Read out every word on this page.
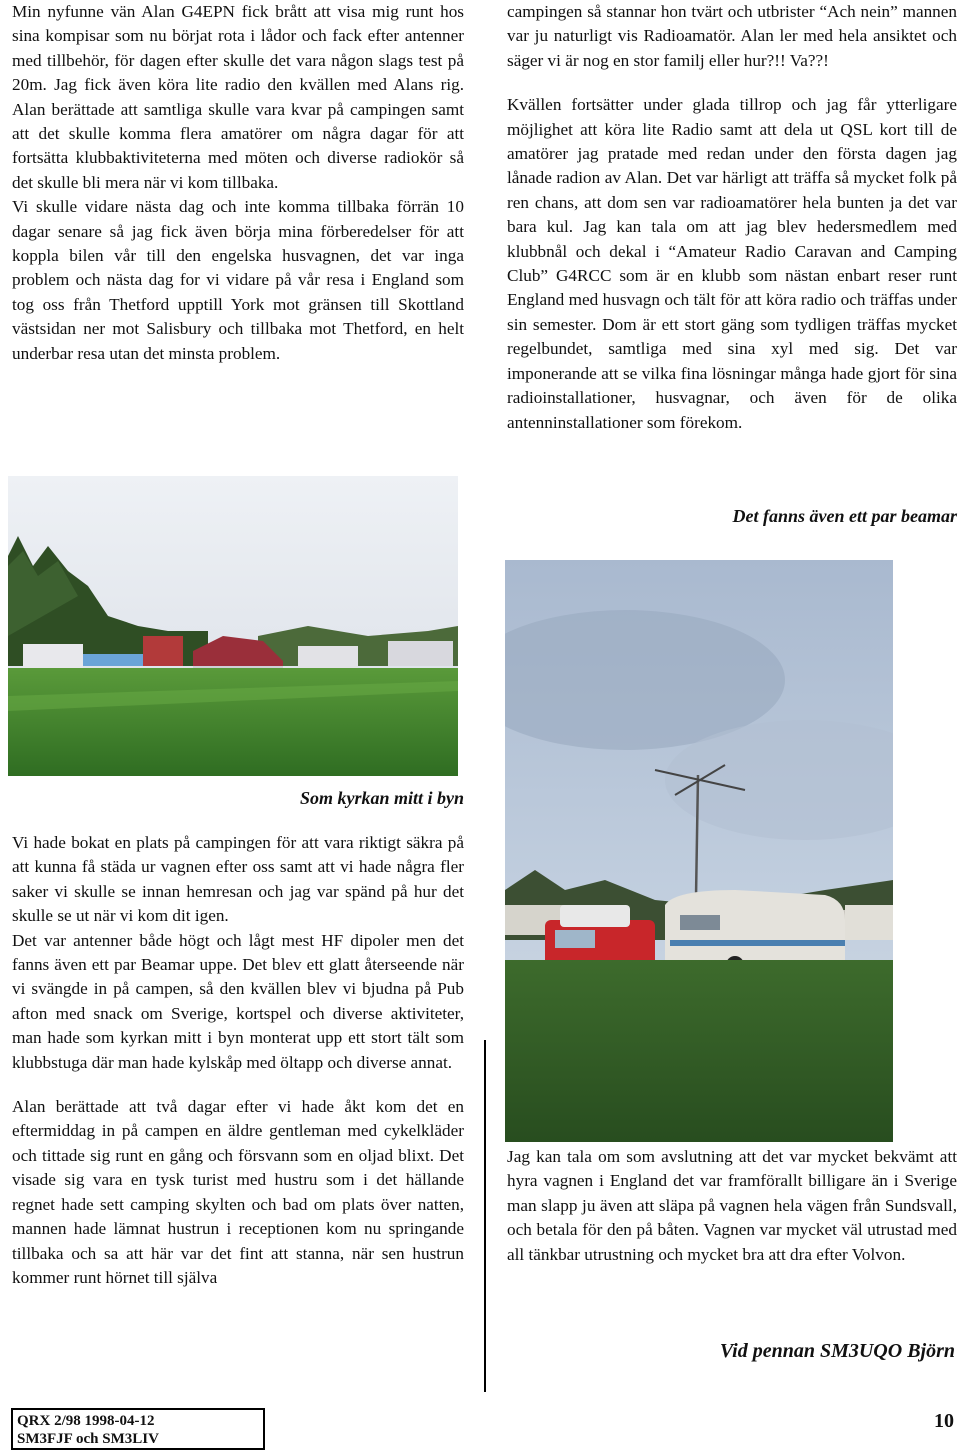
Min nyfunne vän Alan G4EPN fick brått att visa mig runt hos sina kompisar som nu börjat rota i lådor och fack efter antenner med tillbehör, för dagen efter skulle det vara någon slags test på 20m. Jag fick även köra lite radio den kvällen med Alans rig. Alan berättade att samtliga skulle vara kvar på campingen samt att det skulle komma flera amatörer om några dagar för att fortsätta klubbaktiviteterna med möten och diverse radiokör så det skulle bli mera när vi kom tillbaka.

Vi skulle vidare nästa dag och inte komma tillbaka förrän 10 dagar senare så jag fick även börja mina förberedelser för att koppla bilen vår till den engelska husvagnen, det var inga problem och nästa dag for vi vidare på vår resa i England som tog oss från Thetford upptill York mot gränsen till Skottland västsidan ner mot Salisbury och tillbaka mot Thetford, en helt underbar resa utan det minsta problem.

Som kyrkan mitt i byn

Vi hade bokat en plats på campingen för att vara riktigt säkra på att kunna få städa ur vagnen efter oss samt att vi hade några fler saker vi skulle se innan hemresan och jag var spänd på hur det skulle se ut när vi kom dit igen.

Det var antenner både högt och lågt mest HF dipoler men det fanns även ett par Beamar uppe. Det blev ett glatt återseende när vi svängde in på campen, så den kvällen blev vi bjudna på Pub afton med snack om Sverige, kortspel och diverse aktiviteter, man hade som kyrkan mitt i byn monterat upp ett stort tält som klubbstuga där man hade kylskåp med öltapp och diverse annat.

Alan berättade att två dagar efter vi hade åkt kom det en eftermiddag in på campen en äldre gentleman med cykelkläder och tittade sig runt en gång och försvann som en oljad blixt. Det visade sig vara en tysk turist med hustru som i det hällande regnet hade sett camping skylten och bad om plats över natten, mannen hade lämnat hustrun i receptionen kom nu springande tillbaka och sa att här var det fint att stanna, när sen hustrun kommer runt hörnet till själva

campingen så stannar hon tvärt och utbrister “Ach nein” mannen var ju naturligt vis Radioamatör. Alan ler med hela ansiktet och säger vi är nog en stor familj eller hur?!! Va??!

Kvällen fortsätter under glada tillrop och jag får ytterligare möjlighet att köra lite Radio samt att dela ut QSL kort till de amatörer jag pratade med redan under den första dagen jag lånade radion av Alan. Det var härligt att träffa så mycket folk på ren chans, att dom sen var radioamatörer hela bunten ja det var bara kul. Jag kan tala om att jag blev hedersmedlem med klubbnål och dekal i “Amateur Radio Caravan and Camping Club” G4RCC som är en klubb som nästan enbart reser runt England med husvagn och tält för att köra radio och träffas under sin semester. Dom är ett stort gäng som tydligen träffas mycket regelbundet, samtliga med sina xyl med sig. Det var imponerande att se vilka fina lösningar många hade gjort för sina radioinstallationer, husvagnar, och även för de olika antenninstallationer som förekom.

Det fanns även ett par beamar

Jag kan tala om som avslutning att det var mycket bekvämt att hyra vagnen i England det var framförallt billigare än i Sverige man slapp ju även att släpa på vagnen hela vägen från Sundsvall, och betala för den på båten. Vagnen var mycket väl utrustad med all tänkbar utrustning och mycket bra att dra efter Volvon.

Vid pennan SM3UQO Björn
QRX 2/98 1998-04-12
SM3FJF och SM3LIV
10
